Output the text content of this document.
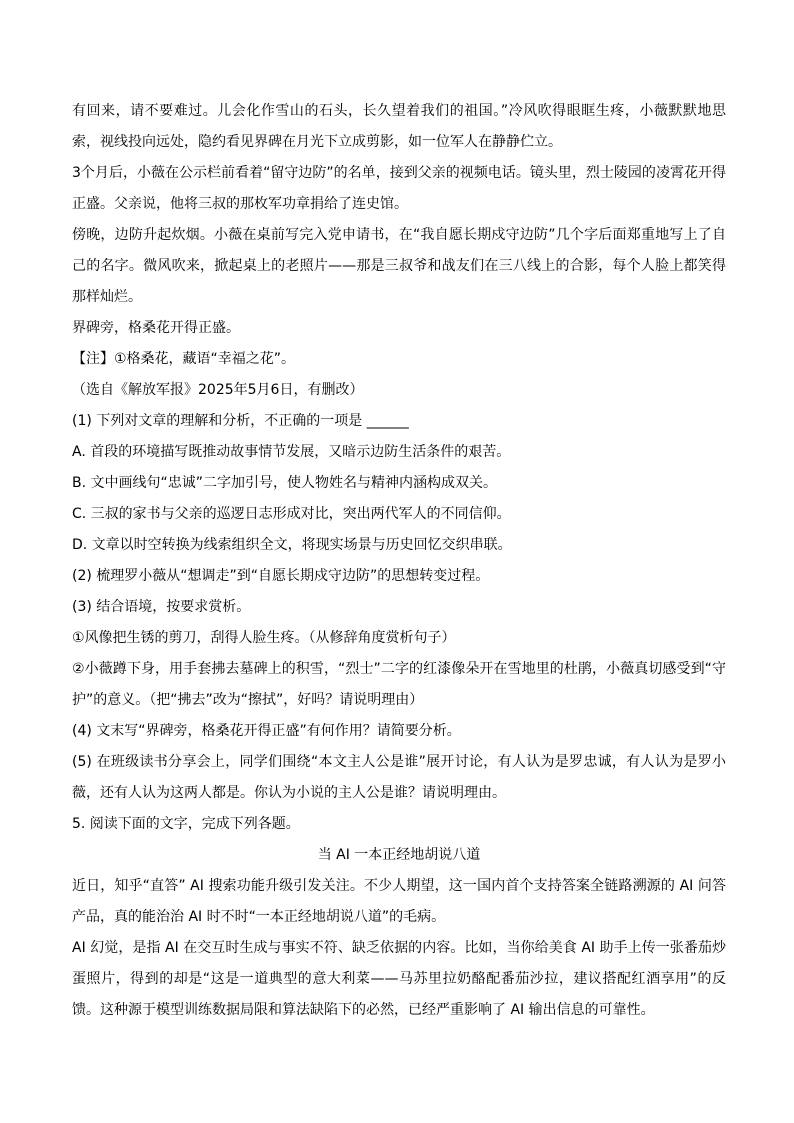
有回来，请不要难过。儿会化作雪山的石头，长久望着我们的祖国。”冷风吹得眼眶生疼，小薇默默地思索，视线投向远处，隐约看见界碑在月光下立成剪影，如一位军人在静静伫立。

3个月后，小薇在公示栏前看着“留守边防”的名单，接到父亲的视频电话。镜头里，烈士陵园的凌霄花开得正盛。父亲说，他将三叔的那枚军功章捐给了连史馆。

傍晚，边防升起炊烟。小薇在桌前写完入党申请书，在“我自愿长期戍守边防”几个字后面郑重地写上了自己的名字。微风吹来，掀起桌上的老照片——那是三叔爷和战友们在三八线上的合影，每个人脸上都笑得那样灿烂。

界碑旁，格桑花开得正盛。

【注】①格桑花，藏语“幸福之花”。

（选自《解放军报》2025年5月6日，有删改）

(1) 下列对文章的理解和分析，不正确的一项是 ______

A. 首段的环境描写既推动故事情节发展，又暗示边防生活条件的艰苦。

B. 文中画线句“忠诚”二字加引号，使人物姓名与精神内涵构成双关。

C. 三叔的家书与父亲的巡逻日志形成对比，突出两代军人的不同信仰。

D. 文章以时空转换为线索组织全文，将现实场景与历史回忆交织串联。

(2) 梳理罗小薇从“想调走”到“自愿长期戍守边防”的思想转变过程。

(3) 结合语境，按要求赏析。

①风像把生锈的剪刀，刮得人脸生疼。（从修辞角度赏析句子）

②小薇蹲下身，用手套拂去墓碑上的积雪，“烈士”二字的红漆像朵开在雪地里的杜鹃，小薇真切感受到“守护”的意义。（把“拂去”改为“擦拭”，好吗？请说明理由）

(4) 文末写“界碑旁，格桑花开得正盛”有何作用？请简要分析。

(5) 在班级读书分享会上，同学们围绕“本文主人公是谁”展开讨论，有人认为是罗忠诚，有人认为是罗小薇，还有人认为这两人都是。你认为小说的主人公是谁？请说明理由。

5. 阅读下面的文字，完成下列各题。

当 AI 一本正经地胡说八道

近日，知乎“直答” AI 搜索功能升级引发关注。不少人期望，这一国内首个支持答案全链路溯源的 AI 问答产品，真的能治治 AI 时不时“一本正经地胡说八道”的毛病。

AI 幻觉，是指 AI 在交互时生成与事实不符、缺乏依据的内容。比如，当你给美食 AI 助手上传一张番茄炒蛋照片，得到的却是“这是一道典型的意大利菜——马苏里拉奶酪配番茄沙拉，建议搭配红酒享用”的反馈。这种源于模型训练数据局限和算法缺陷下的必然，已经严重影响了 AI 输出信息的可靠性。
